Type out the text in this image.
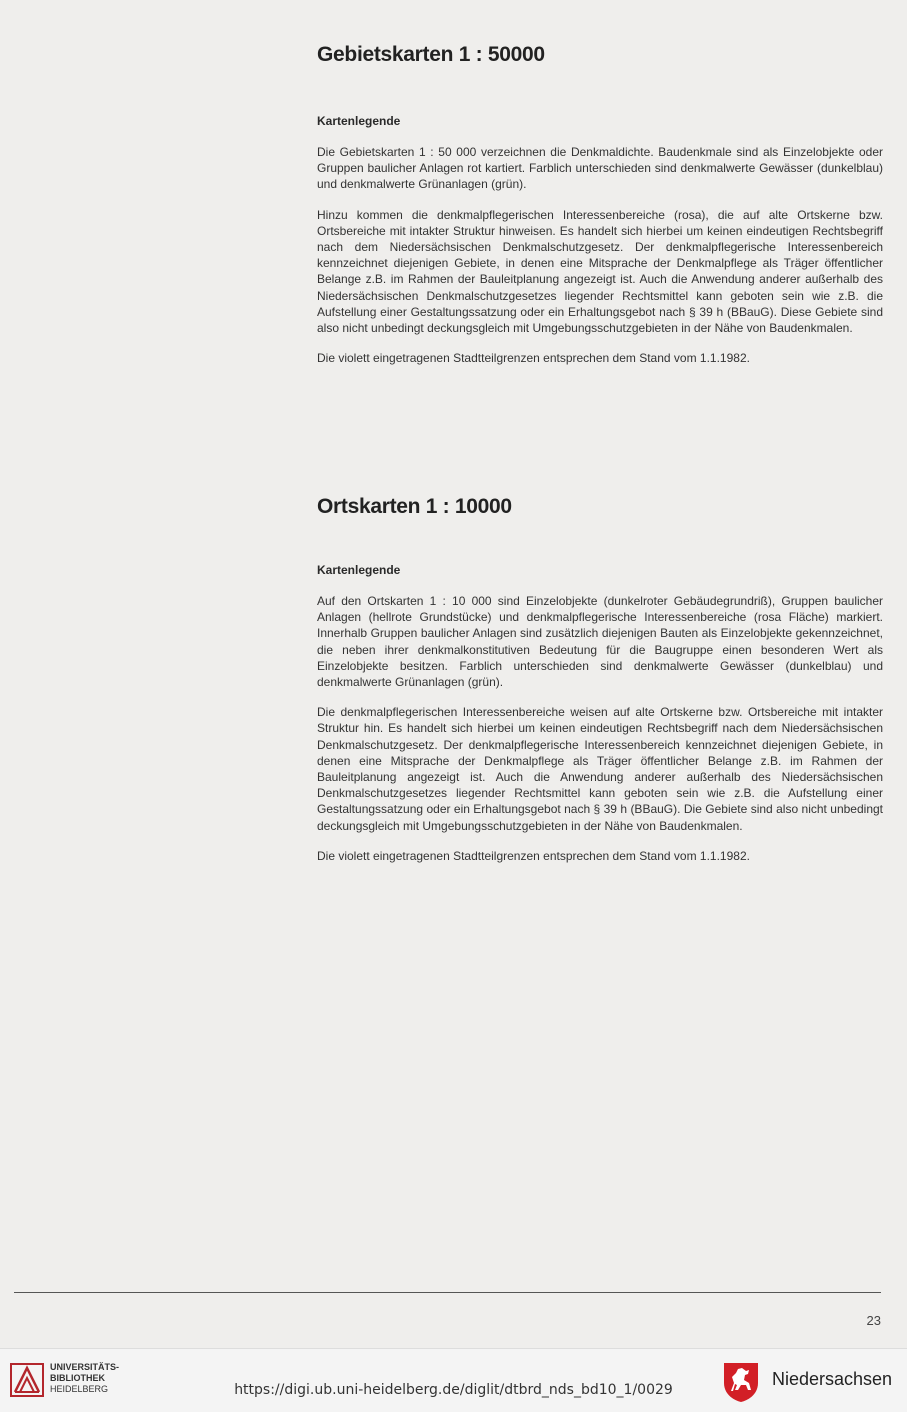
Gebietskarten 1 : 50000
Kartenlegende

Die Gebietskarten 1 : 50 000 verzeichnen die Denkmaldichte. Baudenkmale sind als Einzelobjekte oder Gruppen baulicher Anlagen rot kartiert. Farblich unterschieden sind denkmalwerte Gewässer (dunkelblau) und denkmalwerte Grünanlagen (grün).

Hinzu kommen die denkmalpflegerischen Interessenbereiche (rosa), die auf alte Ortskerne bzw. Ortsbereiche mit intakter Struktur hinweisen. Es handelt sich hierbei um keinen eindeutigen Rechtsbegriff nach dem Niedersächsischen Denkmalschutzgesetz. Der denkmalpflegerische Interessenbereich kennzeichnet diejenigen Gebiete, in denen eine Mitsprache der Denkmalpflege als Träger öffentlicher Belange z.B. im Rahmen der Bauleitplanung angezeigt ist. Auch die Anwendung anderer außerhalb des Niedersächsischen Denkmalschutzgesetzes liegender Rechtsmittel kann geboten sein wie z.B. die Aufstellung einer Gestaltungssatzung oder ein Erhaltungsgebot nach § 39 h (BBauG). Diese Gebiete sind also nicht unbedingt deckungsgleich mit Umgebungsschutzgebieten in der Nähe von Baudenkmalen.

Die violett eingetragenen Stadtteilgrenzen entsprechen dem Stand vom 1.1.1982.

Ortskarten 1 : 10000
Kartenlegende

Auf den Ortskarten 1 : 10 000 sind Einzelobjekte (dunkelroter Gebäudegrundriß), Gruppen baulicher Anlagen (hellrote Grundstücke) und denkmalpflegerische Interessenbereiche (rosa Fläche) markiert. Innerhalb Gruppen baulicher Anlagen sind zusätzlich diejenigen Bauten als Einzelobjekte gekennzeichnet, die neben ihrer denkmalkonstitutiven Bedeutung für die Baugruppe einen besonderen Wert als Einzelobjekte besitzen. Farblich unterschieden sind denkmalwerte Gewässer (dunkelblau) und denkmalwerte Grünanlagen (grün).

Die denkmalpflegerischen Interessenbereiche weisen auf alte Ortskerne bzw. Ortsbereiche mit intakter Struktur hin. Es handelt sich hierbei um keinen eindeutigen Rechtsbegriff nach dem Niedersächsischen Denkmalschutzgesetz. Der denkmalpflegerische Interessenbereich kennzeichnet diejenigen Gebiete, in denen eine Mitsprache der Denkmalpflege als Träger öffentlicher Belange z.B. im Rahmen der Bauleitplanung angezeigt ist. Auch die Anwendung anderer außerhalb des Niedersächsischen Denkmalschutzgesetzes liegender Rechtsmittel kann geboten sein wie z.B. die Aufstellung einer Gestaltungssatzung oder ein Erhaltungsgebot nach § 39 h (BBauG). Die Gebiete sind also nicht unbedingt deckungsgleich mit Umgebungsschutzgebieten in der Nähe von Baudenkmalen.

Die violett eingetragenen Stadtteilgrenzen entsprechen dem Stand vom 1.1.1982.

23
UNIVERSITÄTS-
BIBLIOTHEK
HEIDELBERG	https://digi.ub.uni-heidelberg.de/diglit/dtbrd_nds_bd10_1/0029
Niedersachsen
